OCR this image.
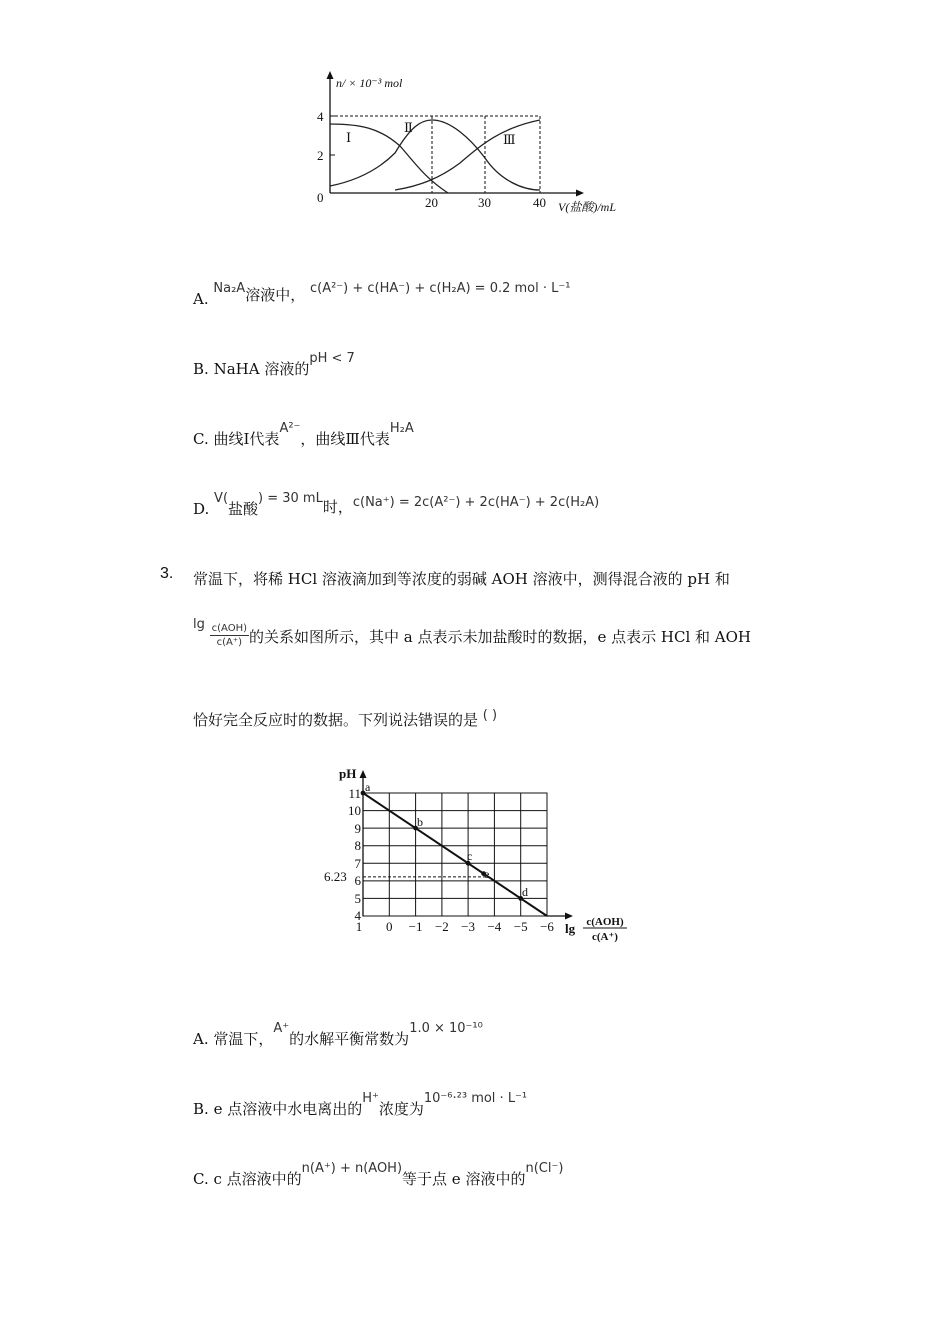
n/ × 10⁻³ mol
4
2
0	20	30	40 V(盐酸)/mL
Ⅰ
Ⅱ
Ⅲ
A. Na₂A溶液中， c(A²⁻) + c(HA⁻) + c(H₂A) = 0.2 mol · L⁻¹
B. NaHA 溶液的pH < 7
C. 曲线Ⅰ代表A²⁻，曲线Ⅲ代表H₂A
D. V(盐酸) = 30 mL时，c(Na⁺) = 2c(A²⁻) + 2c(HA⁻) + 2c(H₂A)
3. 常温下，将稀 HCl 溶液滴加到等浓度的弱碱 AOH 溶液中，测得混合液的 pH 和
lg c(AOH)
c(A⁺) 的关系如图所示，其中 a 点表示未加盐酸时的数据，e 点表示 HCl 和 AOH
恰好完全反应时的数据。下列说法错误的是 ( )
a
b
c
e
d
pH
11
10
9
8
7
6
5
4
6.23
1 0 −1 −2 −3 −4 −5 −6 lg c(AOH)
c(A⁺)
A. 常温下，A⁺的水解平衡常数为1.0 × 10⁻¹⁰
B. e 点溶液中水电离出的H⁺浓度为10⁻⁶·²³ mol · L⁻¹
C. c 点溶液中的n(A⁺) + n(AOH)等于点 e 溶液中的n(Cl⁻)
